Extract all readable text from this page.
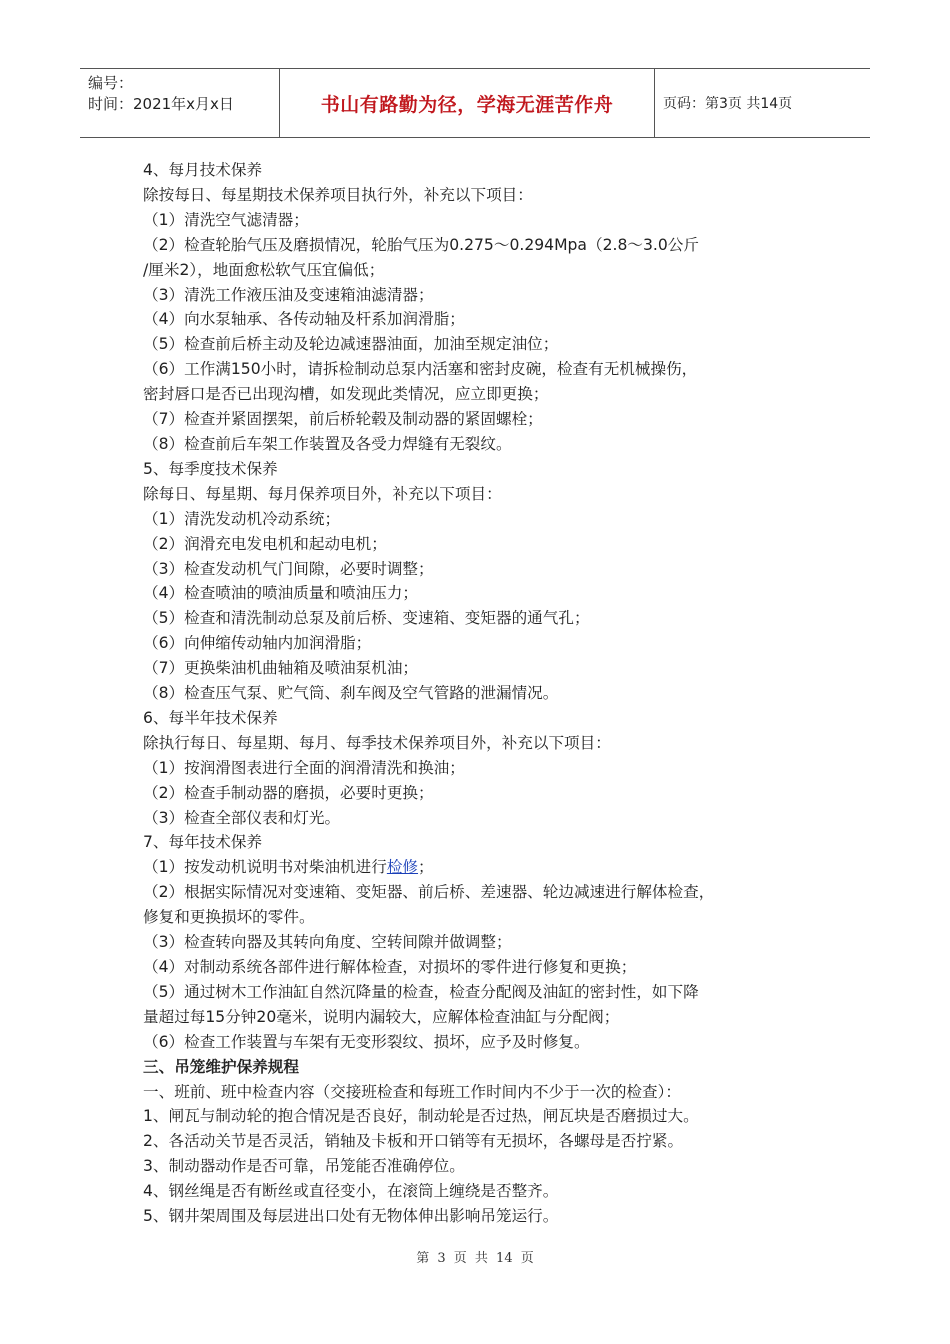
编号：
时间：2021年x月x日	书山有路勤为径，学海无涯苦作舟	页码：第3页 共14页

4、每月技术保养

除按每日、每星期技术保养项目执行外，补充以下项目：

（1）清洗空气滤清器；

（2）检查轮胎气压及磨损情况，轮胎气压为0.275～0.294Mpa（2.8～3.0公斤

/厘米2），地面愈松软气压宜偏低；

（3）清洗工作液压油及变速箱油滤清器；

（4）向水泵轴承、各传动轴及杆系加润滑脂；

（5）检查前后桥主动及轮边减速器油面，加油至规定油位；

（6）工作满150小时，请拆检制动总泵内活塞和密封皮碗，检查有无机械操伤，

密封唇口是否已出现沟槽，如发现此类情况，应立即更换；

（7）检查并紧固摆架，前后桥轮毂及制动器的紧固螺栓；

（8）检查前后车架工作装置及各受力焊缝有无裂纹。

5、每季度技术保养

除每日、每星期、每月保养项目外，补充以下项目：

（1）清洗发动机冷动系统；

（2）润滑充电发电机和起动电机；

（3）检查发动机气门间隙，必要时调整；

（4）检查喷油的喷油质量和喷油压力；

（5）检查和清洗制动总泵及前后桥、变速箱、变矩器的通气孔；

（6）向伸缩传动轴内加润滑脂；

（7）更换柴油机曲轴箱及喷油泵机油；

（8）检查压气泵、贮气筒、刹车阀及空气管路的泄漏情况。

6、每半年技术保养

除执行每日、每星期、每月、每季技术保养项目外，补充以下项目：

（1）按润滑图表进行全面的润滑清洗和换油；

（2）检查手制动器的磨损，必要时更换；

（3）检查全部仪表和灯光。

7、每年技术保养

（1）按发动机说明书对柴油机进行检修；

（2）根据实际情况对变速箱、变矩器、前后桥、差速器、轮边减速进行解体检查，

修复和更换损坏的零件。

（3）检查转向器及其转向角度、空转间隙并做调整；

（4）对制动系统各部件进行解体检查，对损坏的零件进行修复和更换；

（5）通过树木工作油缸自然沉降量的检查，检查分配阀及油缸的密封性，如下降

量超过每15分钟20毫米，说明内漏较大，应解体检查油缸与分配阀；

（6）检查工作装置与车架有无变形裂纹、损坏，应予及时修复。

三、吊笼维护保养规程

一、班前、班中检查内容（交接班检查和每班工作时间内不少于一次的检查）：

1、闸瓦与制动轮的抱合情况是否良好，制动轮是否过热，闸瓦块是否磨损过大。

2、各活动关节是否灵活，销轴及卡板和开口销等有无损坏，各螺母是否拧紧。

3、制动器动作是否可靠，吊笼能否准确停位。

4、钢丝绳是否有断丝或直径变小，在滚筒上缠绕是否整齐。

5、钢井架周围及每层进出口处有无物体伸出影响吊笼运行。

第 3 页 共 14 页
